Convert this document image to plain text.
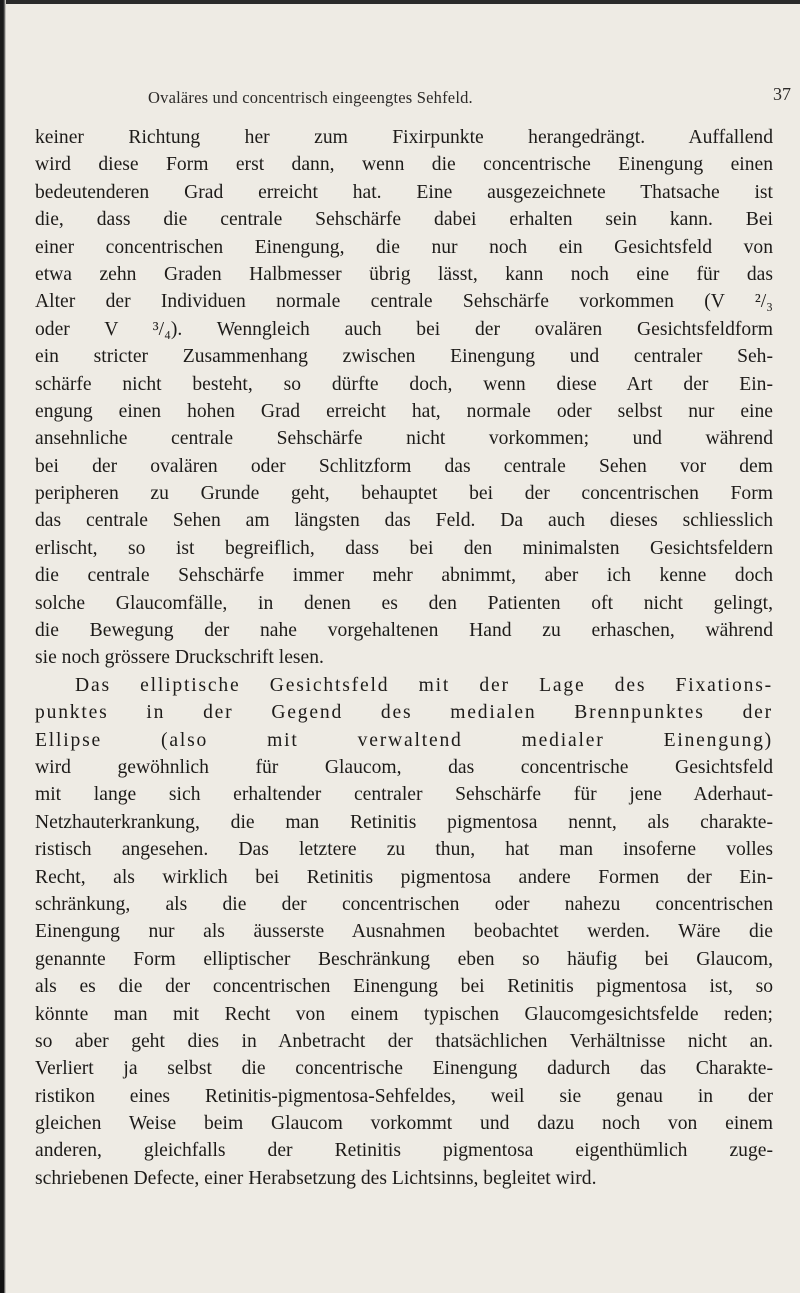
Ovaläres und concentrisch eingeengtes Sehfeld.	37
keiner Richtung her zum Fixirpunkte herangedrängt. Auffallend
wird diese Form erst dann, wenn die concentrische Einengung einen
bedeutenderen Grad erreicht hat. Eine ausgezeichnete Thatsache ist
die, dass die centrale Sehschärfe dabei erhalten sein kann. Bei
einer concentrischen Einengung, die nur noch ein Gesichtsfeld von
etwa zehn Graden Halbmesser übrig lässt, kann noch eine für das
Alter der Individuen normale centrale Sehschärfe vorkommen (V ²/₃
oder V ³/₄). Wenngleich auch bei der ovalären Gesichtsfeldform
ein stricter Zusammenhang zwischen Einengung und centraler Seh-
schärfe nicht besteht, so dürfte doch, wenn diese Art der Ein-
engung einen hohen Grad erreicht hat, normale oder selbst nur eine
ansehnliche centrale Sehschärfe nicht vorkommen; und während
bei der ovalären oder Schlitzform das centrale Sehen vor dem
peripheren zu Grunde geht, behauptet bei der concentrischen Form
das centrale Sehen am längsten das Feld. Da auch dieses schliesslich
erlischt, so ist begreiflich, dass bei den minimalsten Gesichtsfeldern
die centrale Sehschärfe immer mehr abnimmt, aber ich kenne doch
solche Glaucomfälle, in denen es den Patienten oft nicht gelingt,
die Bewegung der nahe vorgehaltenen Hand zu erhaschen, während
sie noch grössere Druckschrift lesen.
Das elliptische Gesichtsfeld mit der Lage des Fixations-
punktes in der Gegend des medialen Brennpunktes der
Ellipse (also mit verwaltend medialer Einengung)
wird gewöhnlich für Glaucom, das concentrische Gesichtsfeld
mit lange sich erhaltender centraler Sehschärfe für jene Aderhaut-
Netzhauterkrankung, die man Retinitis pigmentosa nennt, als charakte-
ristisch angesehen. Das letztere zu thun, hat man insoferne volles
Recht, als wirklich bei Retinitis pigmentosa andere Formen der Ein-
schränkung, als die der concentrischen oder nahezu concentrischen
Einengung nur als äusserste Ausnahmen beobachtet werden. Wäre die
genannte Form elliptischer Beschränkung eben so häufig bei Glaucom,
als es die der concentrischen Einengung bei Retinitis pigmentosa ist, so
könnte man mit Recht von einem typischen Glaucomgesichtsfelde reden;
so aber geht dies in Anbetracht der thatsächlichen Verhältnisse nicht an.
Verliert ja selbst die concentrische Einengung dadurch das Charakte-
ristikon eines Retinitis-pigmentosa-Sehfeldes, weil sie genau in der
gleichen Weise beim Glaucom vorkommt und dazu noch von einem
anderen, gleichfalls der Retinitis pigmentosa eigenthümlich zuge-
schriebenen Defecte, einer Herabsetzung des Lichtsinns, begleitet wird.
